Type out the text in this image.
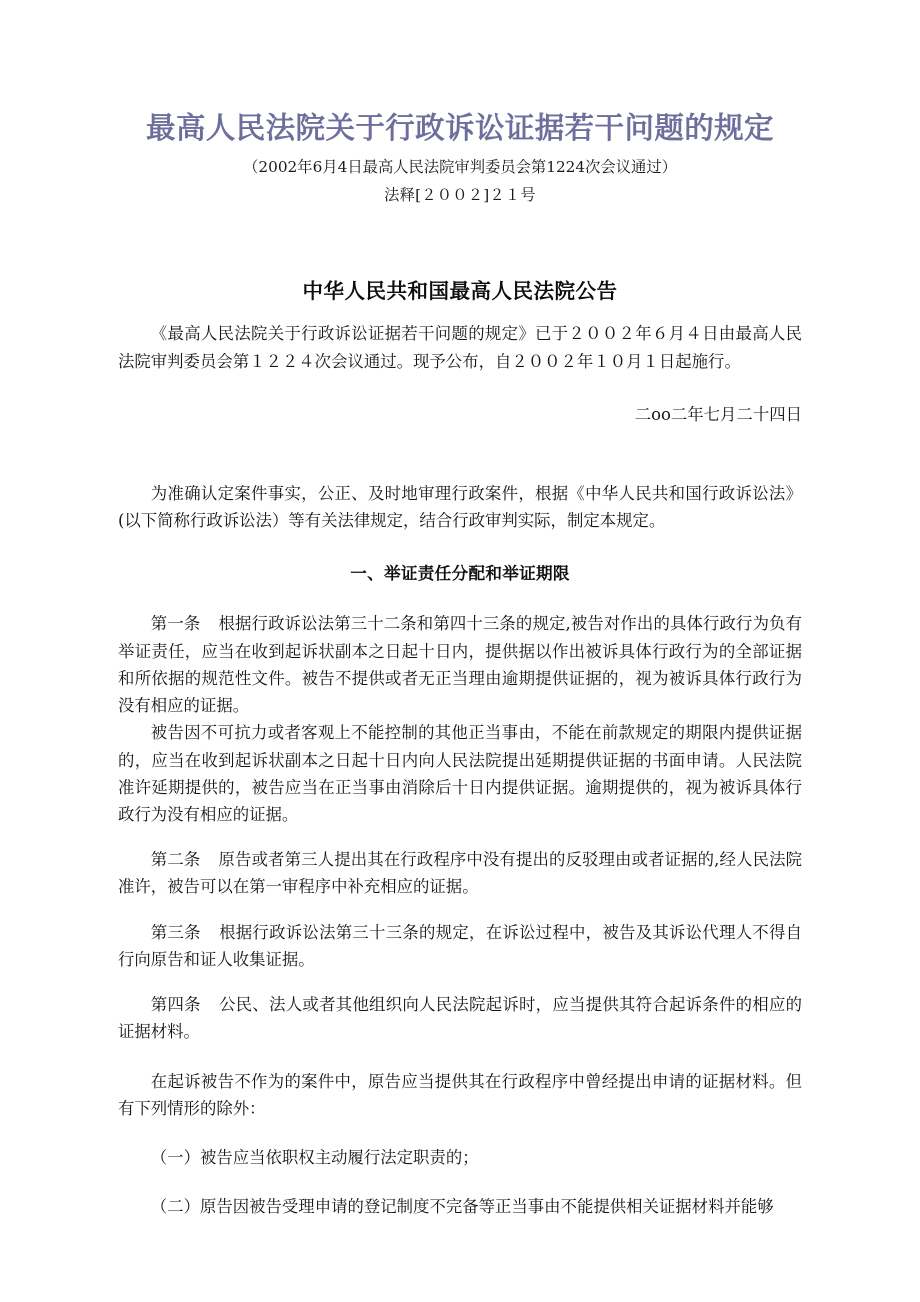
最高人民法院关于行政诉讼证据若干问题的规定

（2002年6月4日最高人民法院审判委员会第1224次会议通过）

法释[２００２]２１号

中华人民共和国最高人民法院公告

《最高人民法院关于行政诉讼证据若干问题的规定》已于２００２年６月４日由最高人民法院审判委员会第１２２４次会议通过。现予公布，自２００２年１０月１日起施行。

二oo二年七月二十四日

为准确认定案件事实，公正、及时地审理行政案件，根据《中华人民共和国行政诉讼法》(以下简称行政诉讼法）等有关法律规定，结合行政审判实际，制定本规定。

一、举证责任分配和举证期限

第一条 根据行政诉讼法第三十二条和第四十三条的规定,被告对作出的具体行政行为负有举证责任，应当在收到起诉状副本之日起十日内，提供据以作出被诉具体行政行为的全部证据和所依据的规范性文件。被告不提供或者无正当理由逾期提供证据的，视为被诉具体行政行为没有相应的证据。

被告因不可抗力或者客观上不能控制的其他正当事由，不能在前款规定的期限内提供证据的，应当在收到起诉状副本之日起十日内向人民法院提出延期提供证据的书面申请。人民法院准许延期提供的，被告应当在正当事由消除后十日内提供证据。逾期提供的，视为被诉具体行政行为没有相应的证据。

第二条 原告或者第三人提出其在行政程序中没有提出的反驳理由或者证据的,经人民法院准许，被告可以在第一审程序中补充相应的证据。

第三条 根据行政诉讼法第三十三条的规定，在诉讼过程中，被告及其诉讼代理人不得自行向原告和证人收集证据。

第四条 公民、法人或者其他组织向人民法院起诉时，应当提供其符合起诉条件的相应的证据材料。

在起诉被告不作为的案件中，原告应当提供其在行政程序中曾经提出申请的证据材料。但有下列情形的除外：

（一）被告应当依职权主动履行法定职责的；

（二）原告因被告受理申请的登记制度不完备等正当事由不能提供相关证据材料并能够
